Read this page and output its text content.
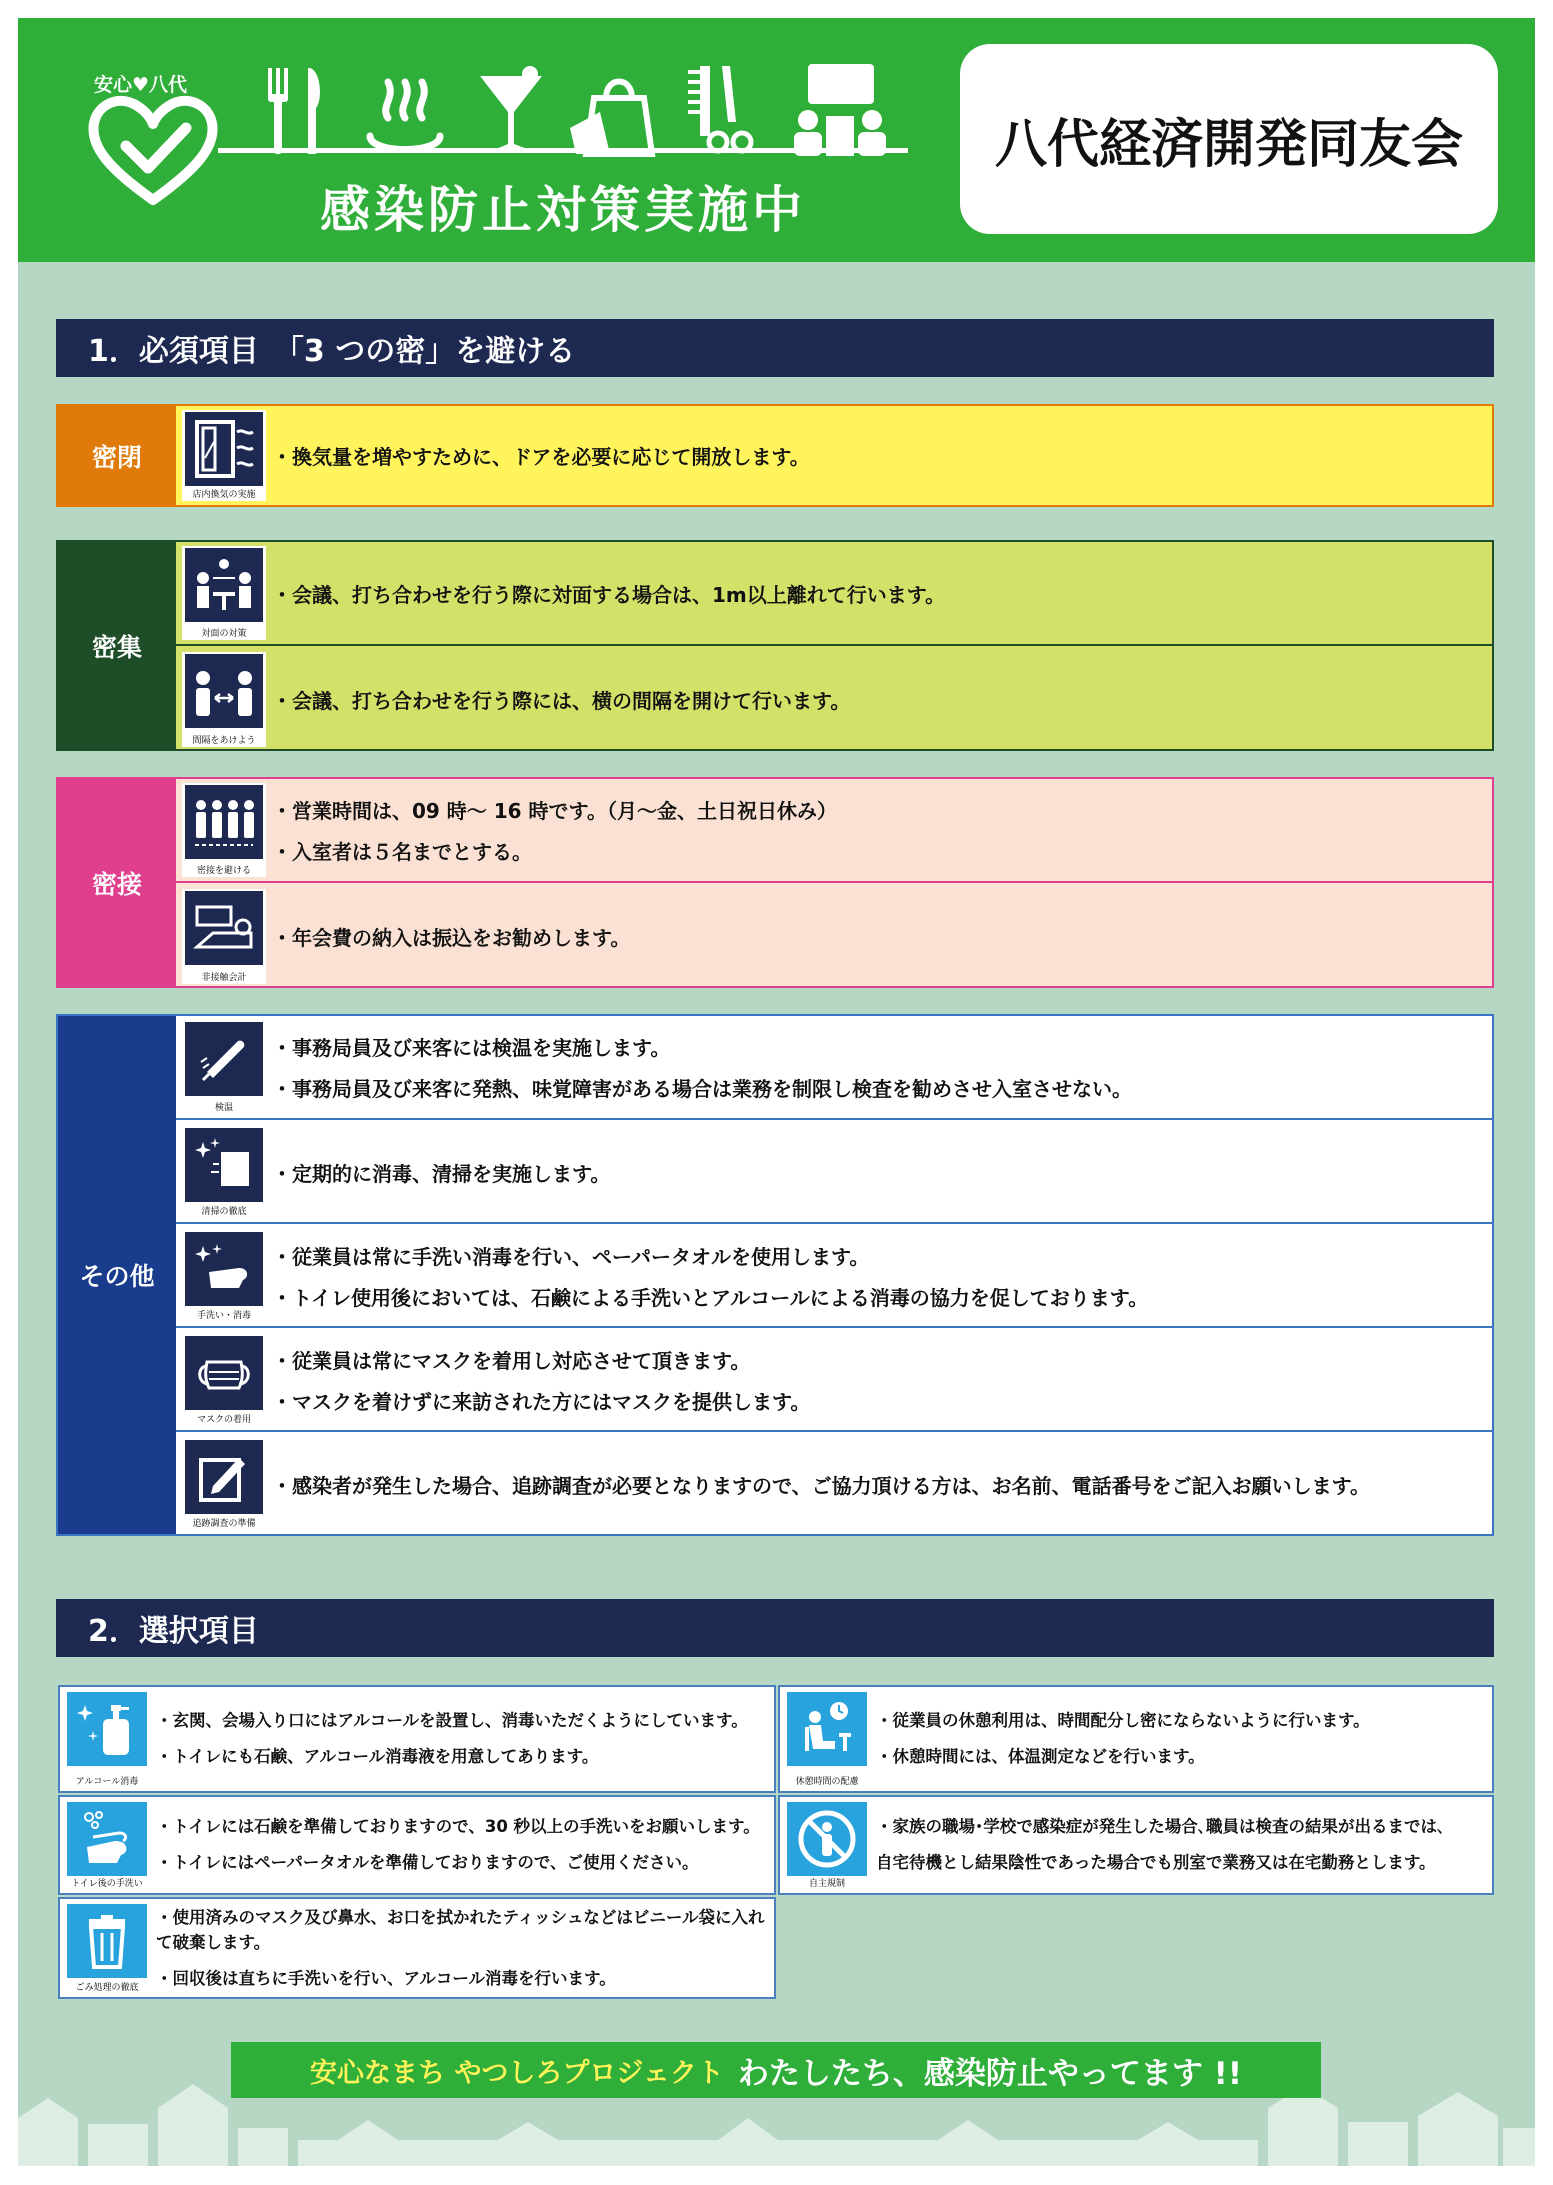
安心♥八代
感染防止対策実施中
八代経済開発同友会
1．必須項目　「3 つの密」を避ける
密閉
店内換気の実施
・換気量を増やすために、ドアを必要に応じて開放します。
密集	対面の対策
・会議、打ち合わせを行う際に対面する場合は、1m以上離れて行います。
間隔をあけよう
・会議、打ち合わせを行う際には、横の間隔を開けて行います。
密接	密接を避ける
・営業時間は、09 時～ 16 時です。（月～金、土日祝日休み）
・入室者は５名までとする。
非接触会計
・年会費の納入は振込をお勧めします。
その他
検温
・事務局員及び来客には検温を実施します。
・事務局員及び来客に発熱、味覚障害がある場合は業務を制限し検査を勧めさせ入室させない。
清掃の徹底
・定期的に消毒、清掃を実施します。
手洗い・消毒
・従業員は常に手洗い消毒を行い、ペーパータオルを使用します。
・トイレ使用後においては、石鹸による手洗いとアルコールによる消毒の協力を促しております。
マスクの着用
・従業員は常にマスクを着用し対応させて頂きます。
・マスクを着けずに来訪された方にはマスクを提供します。
追跡調査の準備
・感染者が発生した場合、追跡調査が必要となりますので、ご協力頂ける方は、お名前、電話番号をご記入お願いします。
2．選択項目
アルコール消毒
・玄関、会場入り口にはアルコールを設置し、消毒いただくようにしています。
・トイレにも石鹸、アルコール消毒液を用意してあります。
休憩時間の配慮
・従業員の休憩利用は、時間配分し密にならないように行います。
・休憩時間には、体温測定などを行います。
トイレ後の手洗い
・トイレには石鹸を準備しておりますので、30 秒以上の手洗いをお願いします。
・トイレにはペーパータオルを準備しておりますので、ご使用ください。
自主規制
・家族の職場･学校で感染症が発生した場合､職員は検査の結果が出るまでは､
自宅待機とし結果陰性であった場合でも別室で業務又は在宅勤務とします。
ごみ処理の徹底
・使用済みのマスク及び鼻水、お口を拭かれたティッシュなどはビニール袋に入れて破棄します。
・回収後は直ちに手洗いを行い、アルコール消毒を行います。
安心なまち やつしろプロジェクト わたしたち、感染防止やってます !!
